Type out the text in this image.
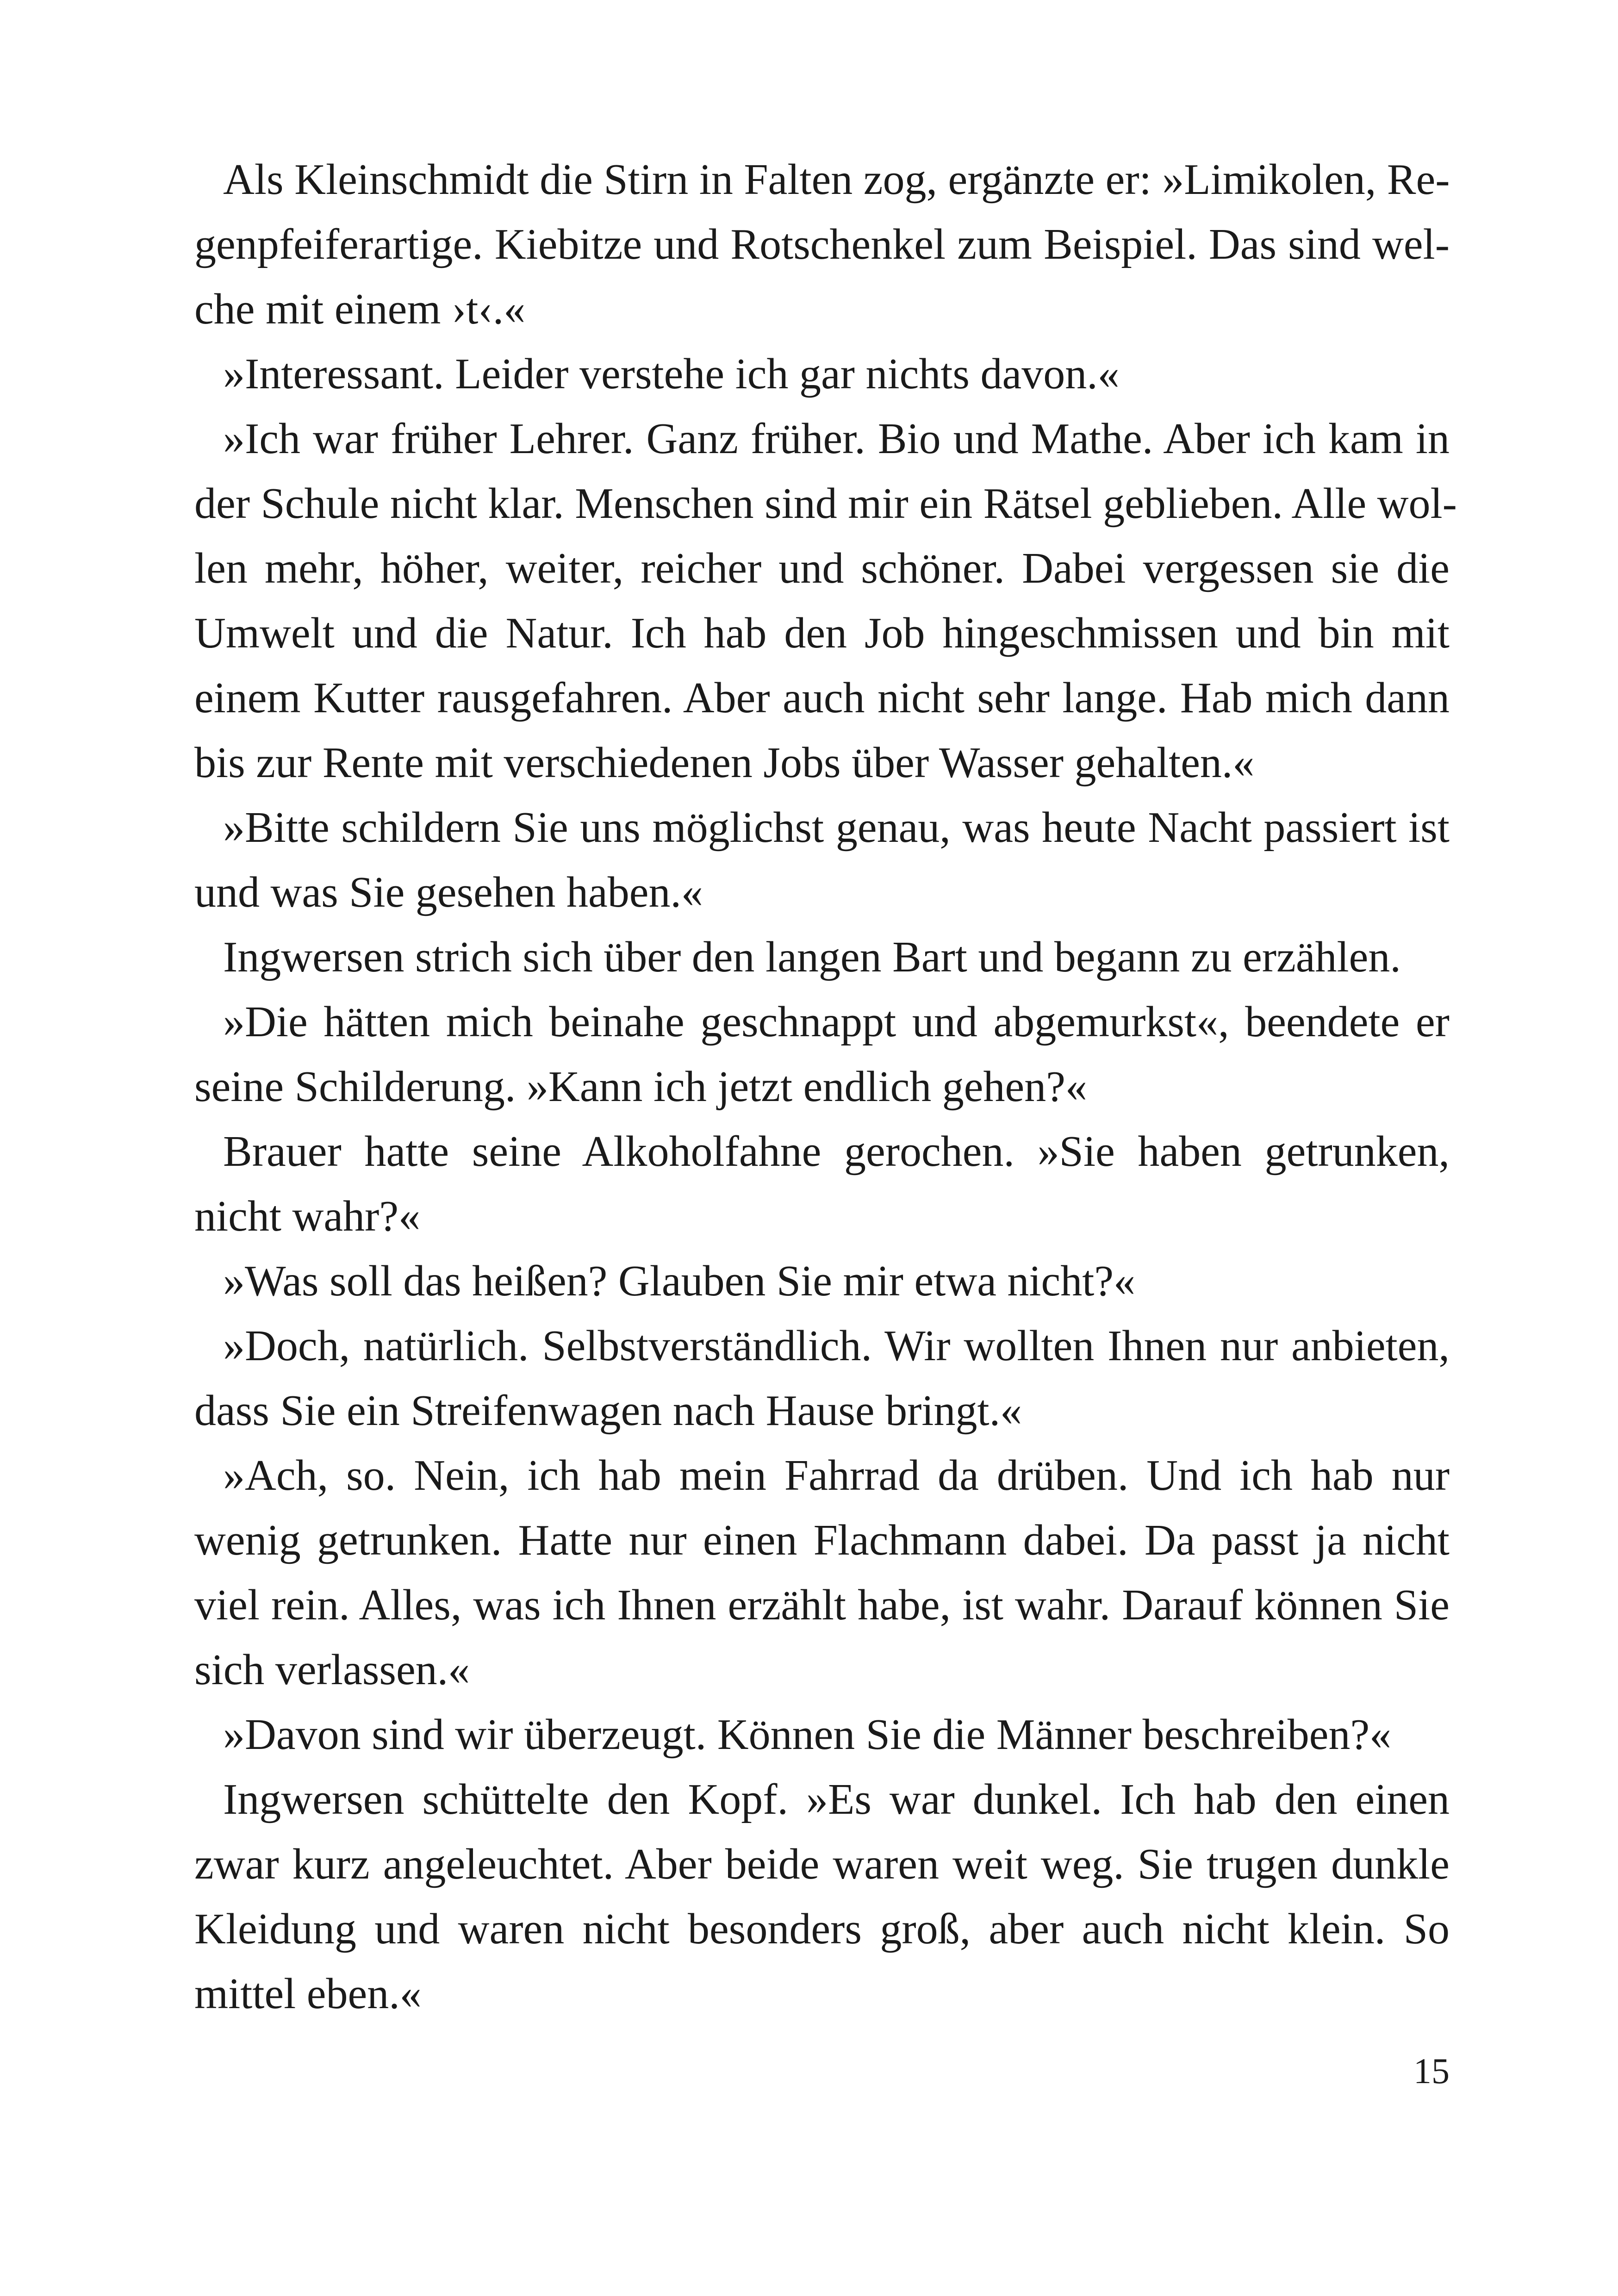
Als Kleinschmidt die Stirn in Falten zog, ergänzte er: »Limikolen, Re-
genpfeiferartige. Kiebitze und Rotschenkel zum Beispiel. Das sind wel-
che mit einem ›t‹.«
»Interessant. Leider verstehe ich gar nichts davon.«
»Ich war früher Lehrer. Ganz früher. Bio und Mathe. Aber ich kam in
der Schule nicht klar. Menschen sind mir ein Rätsel geblieben. Alle wol-
len mehr, höher, weiter, reicher und schöner. Dabei vergessen sie die
Umwelt und die Natur. Ich hab den Job hingeschmissen und bin mit
einem Kutter rausgefahren. Aber auch nicht sehr lange. Hab mich dann
bis zur Rente mit verschiedenen Jobs über Wasser gehalten.«
»Bitte schildern Sie uns möglichst genau, was heute Nacht passiert ist
und was Sie gesehen haben.«
Ingwersen strich sich über den langen Bart und begann zu erzählen.
»Die hätten mich beinahe geschnappt und abgemurkst«, beendete er
seine Schilderung. »Kann ich jetzt endlich gehen?«
Brauer hatte seine Alkoholfahne gerochen. »Sie haben getrunken,
nicht wahr?«
»Was soll das heißen? Glauben Sie mir etwa nicht?«
»Doch, natürlich. Selbstverständlich. Wir wollten Ihnen nur anbieten,
dass Sie ein Streifenwagen nach Hause bringt.«
»Ach, so. Nein, ich hab mein Fahrrad da drüben. Und ich hab nur
wenig getrunken. Hatte nur einen Flachmann dabei. Da passt ja nicht
viel rein. Alles, was ich Ihnen erzählt habe, ist wahr. Darauf können Sie
sich verlassen.«
»Davon sind wir überzeugt. Können Sie die Männer beschreiben?«
Ingwersen schüttelte den Kopf. »Es war dunkel. Ich hab den einen
zwar kurz angeleuchtet. Aber beide waren weit weg. Sie trugen dunkle
Kleidung und waren nicht besonders groß, aber auch nicht klein. So
mittel eben.«
15
